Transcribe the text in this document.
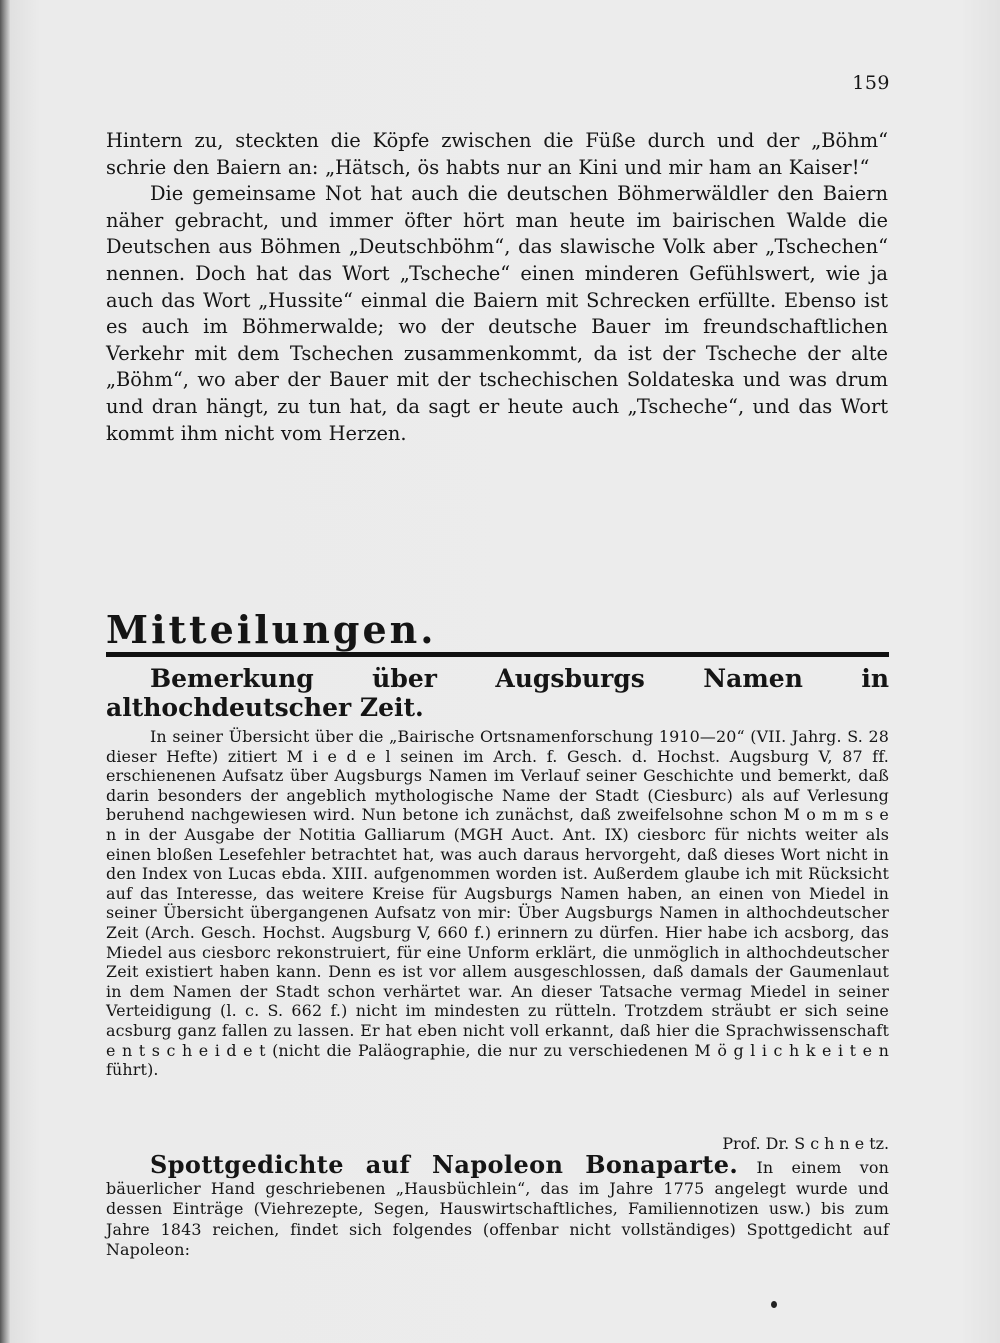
159

Hintern zu, steckten die Köpfe zwischen die Füße durch und der „Böhm“ schrie den Baiern an: „Hätsch, ös habts nur an Kini und mir ham an Kaiser!“

Die gemeinsame Not hat auch die deutschen Böhmerwäldler den Baiern näher gebracht, und immer öfter hört man heute im bairischen Walde die Deutschen aus Böhmen „Deutschböhm“, das slawische Volk aber „Tschechen“ nennen. Doch hat das Wort „Tscheche“ einen minderen Gefühlswert, wie ja auch das Wort „Hussite“ einmal die Baiern mit Schrecken erfüllte. Ebenso ist es auch im Böhmerwalde; wo der deutsche Bauer im freundschaftlichen Verkehr mit dem Tschechen zusammenkommt, da ist der Tscheche der alte „Böhm“, wo aber der Bauer mit der tschechischen Soldateska und was drum und dran hängt, zu tun hat, da sagt er heute auch „Tscheche“, und das Wort kommt ihm nicht vom Herzen.

Mitteilungen.

Bemerkung über Augsburgs Namen in althochdeutscher Zeit.

In seiner Übersicht über die „Bairische Ortsnamenforschung 1910—20“ (VII. Jahrg. S. 28 dieser Hefte) zitiert M i e d e l seinen im Arch. f. Gesch. d. Hochst. Augsburg V, 87 ff. erschienenen Aufsatz über Augsburgs Namen im Verlauf seiner Geschichte und bemerkt, daß darin besonders der angeblich mythologische Name der Stadt (Ciesburc) als auf Verlesung beruhend nachgewiesen wird. Nun betone ich zunächst, daß zweifelsohne schon M o m m s e n in der Ausgabe der Notitia Galliarum (MGH Auct. Ant. IX) ciesborc für nichts weiter als einen bloßen Lesefehler betrachtet hat, was auch daraus hervorgeht, daß dieses Wort nicht in den Index von Lucas ebda. XIII. aufgenommen worden ist. Außerdem glaube ich mit Rücksicht auf das Interesse, das weitere Kreise für Augsburgs Namen haben, an einen von Miedel in seiner Übersicht übergangenen Aufsatz von mir: Über Augsburgs Namen in althochdeutscher Zeit (Arch. Gesch. Hochst. Augsburg V, 660 f.) erinnern zu dürfen. Hier habe ich acsborg, das Miedel aus ciesborc rekonstruiert, für eine Unform erklärt, die unmöglich in althochdeutscher Zeit existiert haben kann. Denn es ist vor allem ausgeschlossen, daß damals der Gaumenlaut in dem Namen der Stadt schon verhärtet war. An dieser Tatsache vermag Miedel in seiner Verteidigung (l. c. S. 662 f.) nicht im mindesten zu rütteln. Trotzdem sträubt er sich seine acsburg ganz fallen zu lassen. Er hat eben nicht voll erkannt, daß hier die Sprachwissenschaft e n t s c h e i d e t (nicht die Paläographie, die nur zu verschiedenen M ö g l i c h k e i t e n führt).

Prof. Dr. S c h n e tz.

Spottgedichte auf Napoleon Bonaparte. In einem von bäuerlicher Hand geschriebenen „Hausbüchlein“, das im Jahre 1775 angelegt wurde und dessen Einträge (Viehrezepte, Segen, Hauswirtschaftliches, Familiennotizen usw.) bis zum Jahre 1843 reichen, findet sich folgendes (offenbar nicht vollständiges) Spottgedicht auf Napoleon:
